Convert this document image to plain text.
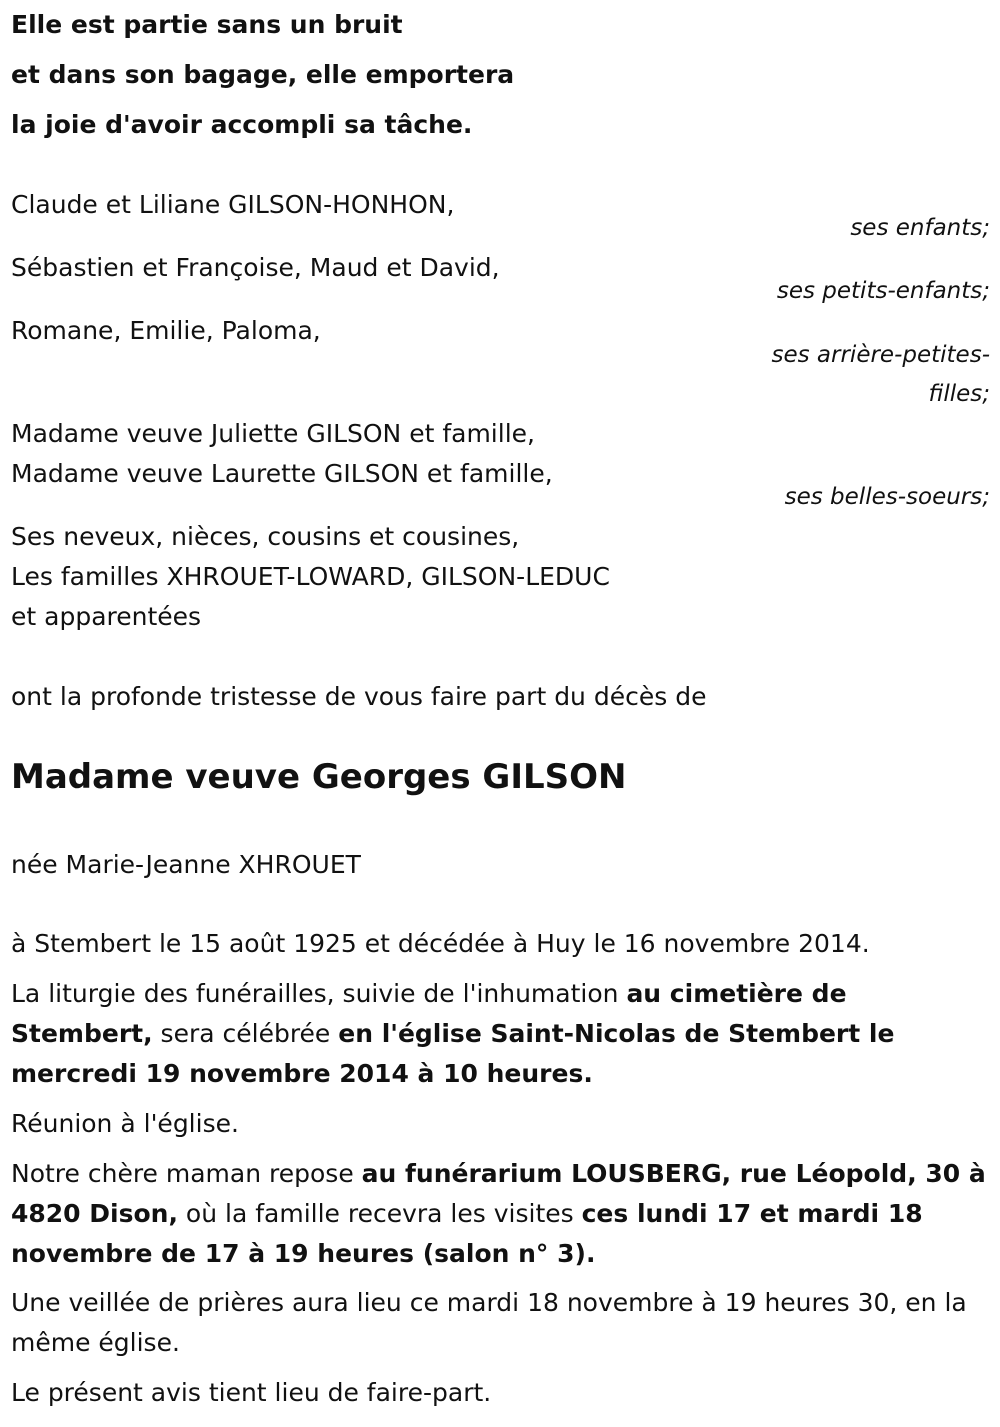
Elle est partie sans un bruit
et dans son bagage, elle emportera
la joie d'avoir accompli sa tâche.
Claude et Liliane GILSON-HONHON,
ses enfants;
Sébastien et Françoise, Maud et David,
ses petits-enfants;
Romane, Emilie, Paloma,
ses arrière-petites-
filles;
Madame veuve Juliette GILSON et famille,
Madame veuve Laurette GILSON et famille,
ses belles-soeurs;
Ses neveux, nièces, cousins et cousines,
Les familles XHROUET-LOWARD, GILSON-LEDUC
et apparentées
ont la profonde tristesse de vous faire part du décès de
Madame veuve Georges GILSON
née Marie-Jeanne XHROUET
à Stembert le 15 août 1925 et décédée à Huy le 16 novembre 2014.
La liturgie des funérailles, suivie de l'inhumation au cimetière de Stembert, sera célébrée en l'église Saint-Nicolas de Stembert le mercredi 19 novembre 2014 à 10 heures.
Réunion à l'église.
Notre chère maman repose au funérarium LOUSBERG, rue Léopold, 30 à 4820 Dison, où la famille recevra les visites ces lundi 17 et mardi 18 novembre de 17 à 19 heures (salon n° 3).
Une veillée de prières aura lieu ce mardi 18 novembre à 19 heures 30, en la même église.
Le présent avis tient lieu de faire-part.
